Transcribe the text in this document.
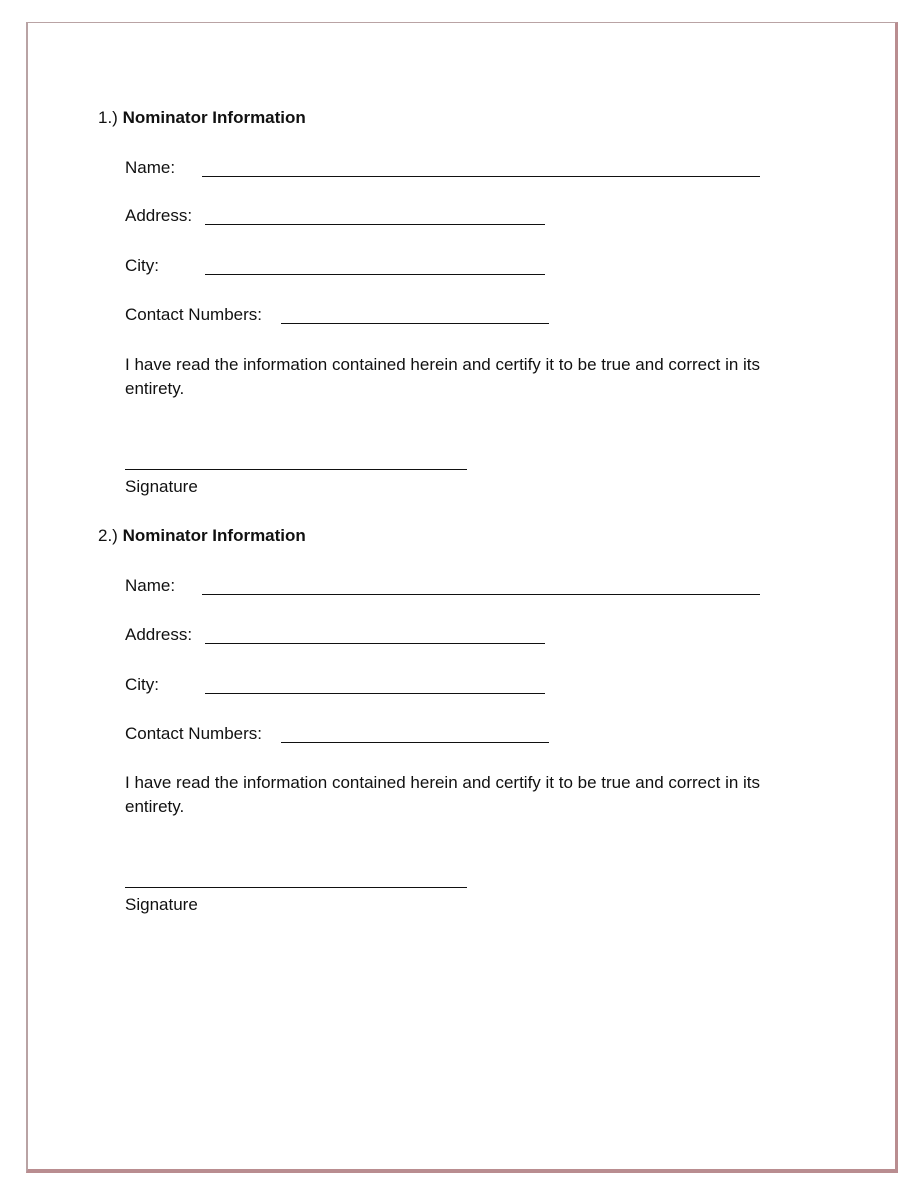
1.) Nominator Information
Name:
Address:
City:
Contact Numbers:
I have read the information contained herein and certify it to be true and correct in its entirety.
Signature
2.) Nominator Information
Name:
Address:
City:
Contact Numbers:
I have read the information contained herein and certify it to be true and correct in its entirety.
Signature
